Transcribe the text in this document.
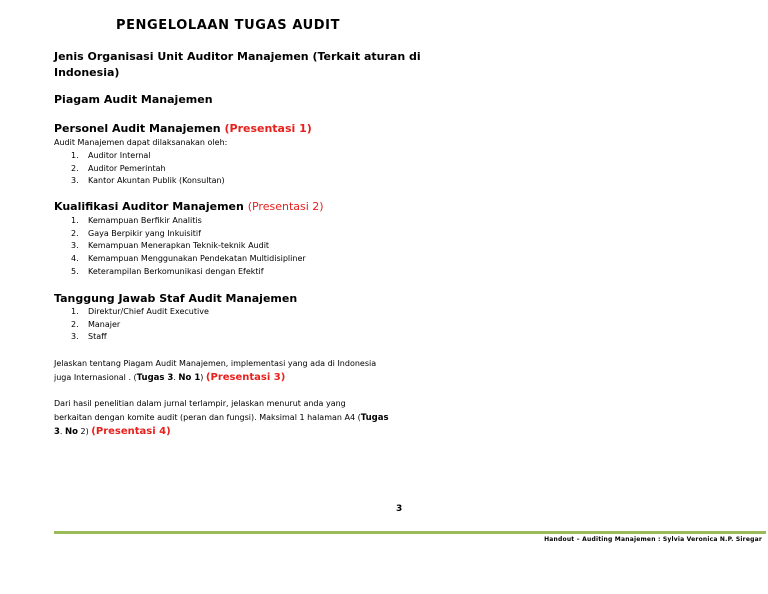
PENGELOLAAN TUGAS AUDIT
Jenis Organisasi Unit Auditor Manajemen (Terkait aturan di
Indonesia)
Piagam Audit Manajemen
Personel Audit Manajemen (Presentasi 1)
Audit Manajemen dapat dilaksanakan oleh:
1. Auditor Internal
2. Auditor Pemerintah
3. Kantor Akuntan Publik (Konsultan)
Kualifikasi Auditor Manajemen (Presentasi 2)
1. Kemampuan Berfikir Analitis
2. Gaya Berpikir yang Inkuisitif
3. Kemampuan Menerapkan Teknik-teknik Audit
4. Kemampuan Menggunakan Pendekatan Multidisipliner
5. Keterampilan Berkomunikasi dengan Efektif
Tanggung Jawab Staf Audit Manajemen
1. Direktur/Chief Audit Executive
2. Manajer
3. Staff
Jelaskan tentang Piagam Audit Manajemen, implementasi yang ada di Indonesia
juga Internasional . (Tugas 3. No 1) (Presentasi 3)
Dari hasil penelitian dalam jurnal terlampir, jelaskan menurut anda yang
berkaitan dengan komite audit (peran dan fungsi). Maksimal 1 halaman A4 (Tugas
3. No 2) (Presentasi 4)
3
Handout – Auditing Manajemen : Sylvia Veronica N.P. Siregar
